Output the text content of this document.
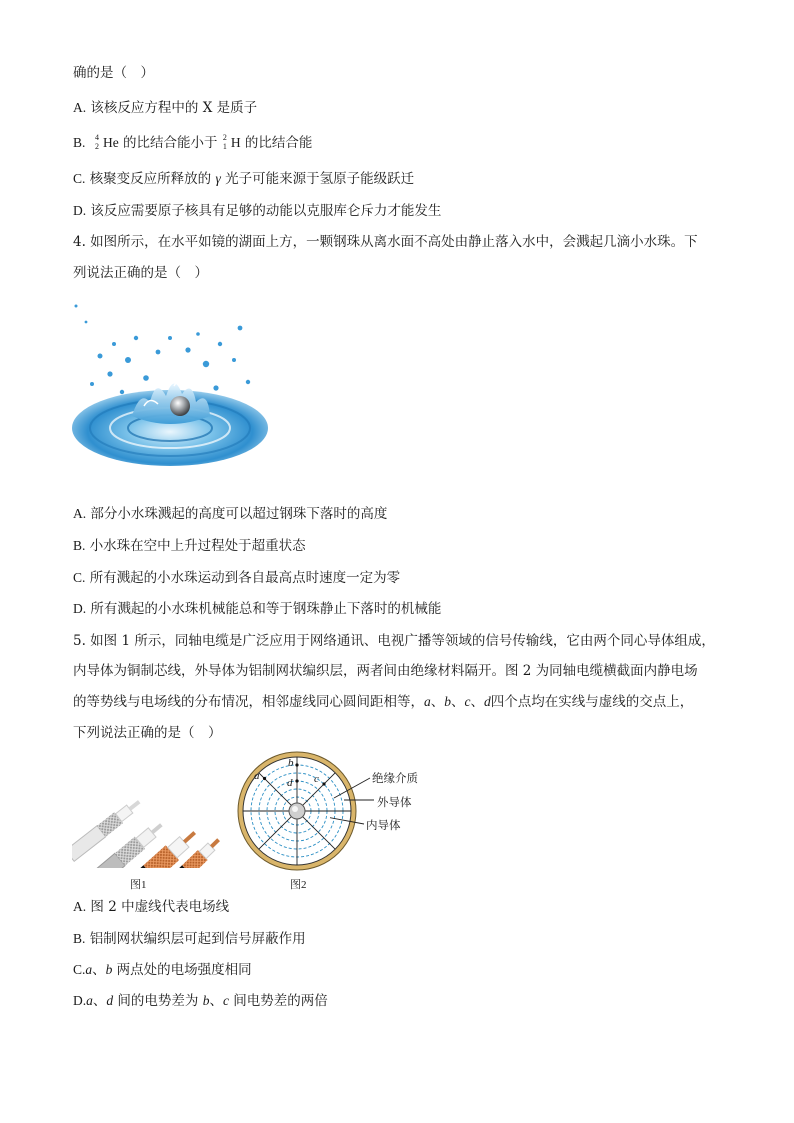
确的是（　）
A. 该核反应方程中的 X 是质子
B. 4
2 He 的比结合能小于 2
1 H 的比结合能
C. 核聚变反应所释放的 γ 光子可能来源于氢原子能级跃迁
D. 该反应需要原子核具有足够的动能以克服库仑斥力才能发生
4. 如图所示，在水平如镜的湖面上方，一颗钢珠从离水面不高处由静止落入水中，会溅起几滴小水珠。下
列说法正确的是（　）
A. 部分小水珠溅起的高度可以超过钢珠下落时的高度
B. 小水珠在空中上升过程处于超重状态
C. 所有溅起的小水珠运动到各自最高点时速度一定为零
D. 所有溅起的小水珠机械能总和等于钢珠静止下落时的机械能
5. 如图 1 所示，同轴电缆是广泛应用于网络通讯、电视广播等领域的信号传输线，它由两个同心导体组成，
内导体为铜制芯线，外导体为铝制网状编织层，两者间由绝缘材料隔开。图 2 为同轴电缆横截面内静电场
的等势线与电场线的分布情况，相邻虚线同心圆间距相等，a、b、c、d四个点均在实线与虚线的交点上，
下列说法正确的是（　）
图1
a
b
c
d	绝缘介质
外导体
内导体
图2
A. 图 2 中虚线代表电场线
B. 铝制网状编织层可起到信号屏蔽作用
C.a、b 两点处的电场强度相同
D.a、d 间的电势差为 b、c 间电势差的两倍
